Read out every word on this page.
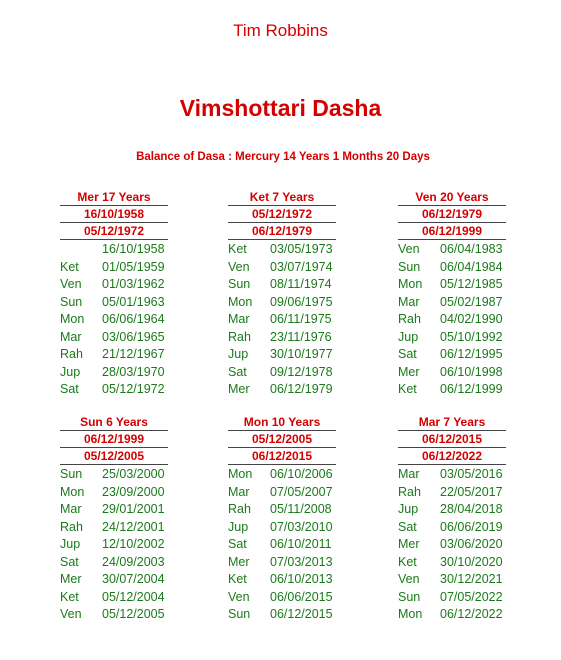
Tim Robbins
Vimshottari Dasha
Balance of Dasa : Mercury 14 Years 1 Months 20 Days
Mer 17 Years
16/10/1958
05/12/1972
16/10/1958
Ket 01/05/1959
Ven 01/03/1962
Sun 05/01/1963
Mon 06/06/1964
Mar 03/06/1965
Rah 21/12/1967
Jup 28/03/1970
Sat 05/12/1972
Ket 7 Years
05/12/1972
06/12/1979
Ket 03/05/1973
Ven 03/07/1974
Sun 08/11/1974
Mon 09/06/1975
Mar 06/11/1975
Rah 23/11/1976
Jup 30/10/1977
Sat 09/12/1978
Mer 06/12/1979
Ven 20 Years
06/12/1979
06/12/1999
Ven 06/04/1983
Sun 06/04/1984
Mon 05/12/1985
Mar 05/02/1987
Rah 04/02/1990
Jup 05/10/1992
Sat 06/12/1995
Mer 06/10/1998
Ket 06/12/1999
Sun 6 Years
06/12/1999
05/12/2005
Sun 25/03/2000
Mon 23/09/2000
Mar 29/01/2001
Rah 24/12/2001
Jup 12/10/2002
Sat 24/09/2003
Mer 30/07/2004
Ket 05/12/2004
Ven 05/12/2005
Mon 10 Years
05/12/2005
06/12/2015
Mon 06/10/2006
Mar 07/05/2007
Rah 05/11/2008
Jup 07/03/2010
Sat 06/10/2011
Mer 07/03/2013
Ket 06/10/2013
Ven 06/06/2015
Sun 06/12/2015
Mar 7 Years
06/12/2015
06/12/2022
Mar 03/05/2016
Rah 22/05/2017
Jup 28/04/2018
Sat 06/06/2019
Mer 03/06/2020
Ket 30/10/2020
Ven 30/12/2021
Sun 07/05/2022
Mon 06/12/2022
